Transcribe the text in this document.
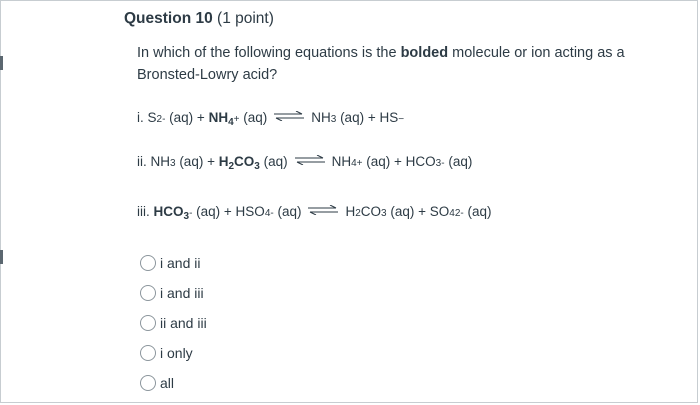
Question 10 (1 point)
In which of the following equations is the bolded molecule or ion acting as a Bronsted-Lowry acid?
i. S 2- $(aq) + NH_4 + (aq)$ ⇌ NH 3 (aq) + HS −
ii. NH 3 $(aq) + H_2CO_3$ (aq) ⇌ NH 4 + (aq) + HCO 3 - (aq)
iii. $HCO_3 - (aq)$ + HSO 4 - (aq) ⇌ H 2 CO 3 (aq) + SO 4 2- (aq)
i and ii
i and iii
ii and iii
i only
all
